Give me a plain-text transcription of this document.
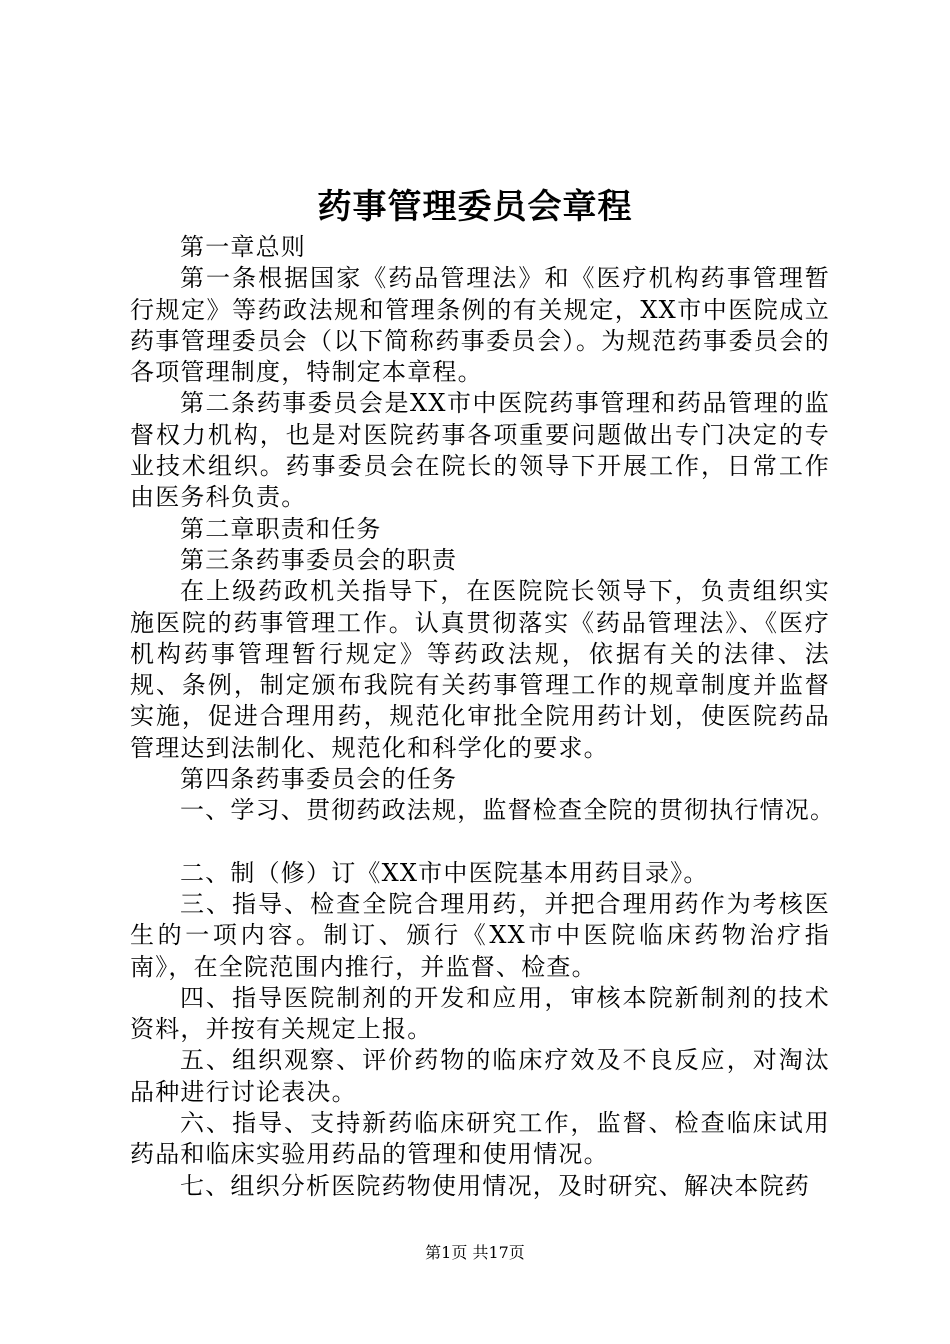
药事管理委员会章程

第一章总则

第一条根据国家《药品管理法》和《医疗机构药事管理暂行规定》等药政法规和管理条例的有关规定，XX市中医院成立药事管理委员会（以下简称药事委员会）。为规范药事委员会的各项管理制度，特制定本章程。

第二条药事委员会是XX市中医院药事管理和药品管理的监督权力机构，也是对医院药事各项重要问题做出专门决定的专业技术组织。药事委员会在院长的领导下开展工作，日常工作由医务科负责。

第二章职责和任务

第三条药事委员会的职责

在上级药政机关指导下，在医院院长领导下，负责组织实施医院的药事管理工作。认真贯彻落实《药品管理法》、《医疗机构药事管理暂行规定》等药政法规，依据有关的法律、法规、条例，制定颁布我院有关药事管理工作的规章制度并监督实施，促进合理用药，规范化审批全院用药计划，使医院药品管理达到法制化、规范化和科学化的要求。

第四条药事委员会的任务

一、学习、贯彻药政法规，监督检查全院的贯彻执行情况。

二、制（修）订《XX市中医院基本用药目录》。

三、指导、检查全院合理用药，并把合理用药作为考核医生的一项内容。制订、颁行《XX市中医院临床药物治疗指南》，在全院范围内推行，并监督、检查。

四、指导医院制剂的开发和应用，审核本院新制剂的技术资料，并按有关规定上报。

五、组织观察、评价药物的临床疗效及不良反应，对淘汰品种进行讨论表决。

六、指导、支持新药临床研究工作，监督、检查临床试用药品和临床实验用药品的管理和使用情况。

七、组织分析医院药物使用情况，及时研究、解决本院药

第1页 共17页
